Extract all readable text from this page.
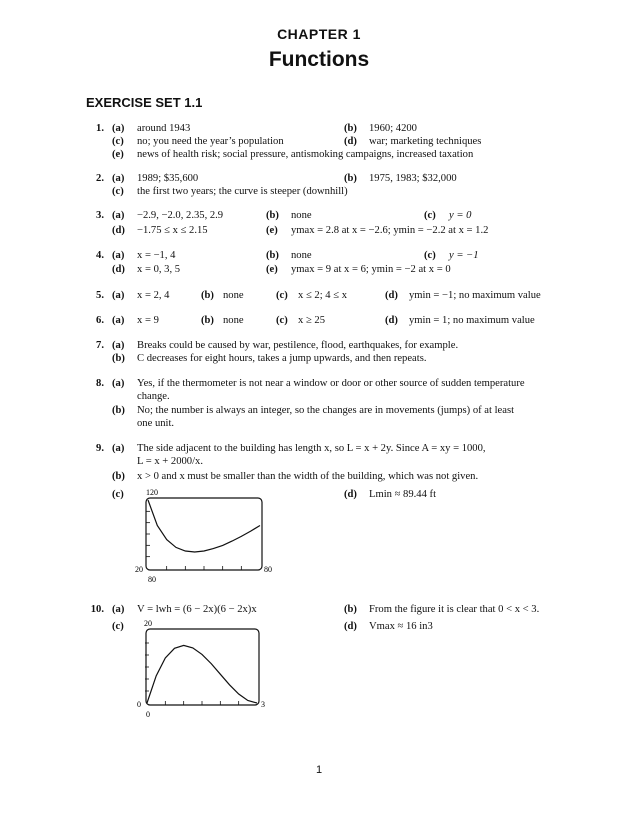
CHAPTER 1
Functions
EXERCISE SET 1.1
1. (a) around 1943	(b) 1960; 4200
(c) no; you need the year’s population	(d) war; marketing techniques
(e) news of health risk; social pressure, antismoking campaigns, increased taxation
2. (a) 1989; $35,600	(b) 1975, 1983; $32,000
(c) the first two years; the curve is steeper (downhill)
3. (a) −2.9, −2.0, 2.35, 2.9	(b) none	(c) y = 0
(d) −1.75 ≤ x ≤ 2.15	(e) ymax = 2.8 at x = −2.6; ymin = −2.2 at x = 1.2
4. (a) x = −1, 4	(b) none	(c) y = −1
(d) x = 0, 3, 5	(e) ymax = 9 at x = 6; ymin = −2 at x = 0
5. (a) x = 2, 4	(b) none	(c) x ≤ 2; 4 ≤ x	(d) ymin = −1; no maximum value
6. (a) x = 9	(b) none	(c) x ≥ 25	(d) ymin = 1; no maximum value
7. (a) Breaks could be caused by war, pestilence, flood, earthquakes, for example.
(b) C decreases for eight hours, takes a jump upwards, and then repeats.
8. (a) Yes, if the thermometer is not near a window or door or other source of sudden temperature
change.
(b) No; the number is always an integer, so the changes are in movements (jumps) of at least
one unit.
9. (a) The side adjacent to the building has length x, so L = x + 2y. Since A = xy = 1000,
L = x + 2000/x.
(b) x > 0 and x must be smaller than the width of the building, which was not given.
(c)	(d) Lmin ≈ 89.44 ft
120
20	80
80
10. (a) V = lwh = (6 − 2x)(6 − 2x)x	(b) From the figure it is clear that 0 < x < 3.
(c)	(d) Vmax ≈ 16 in3
20
0	3
0
1
